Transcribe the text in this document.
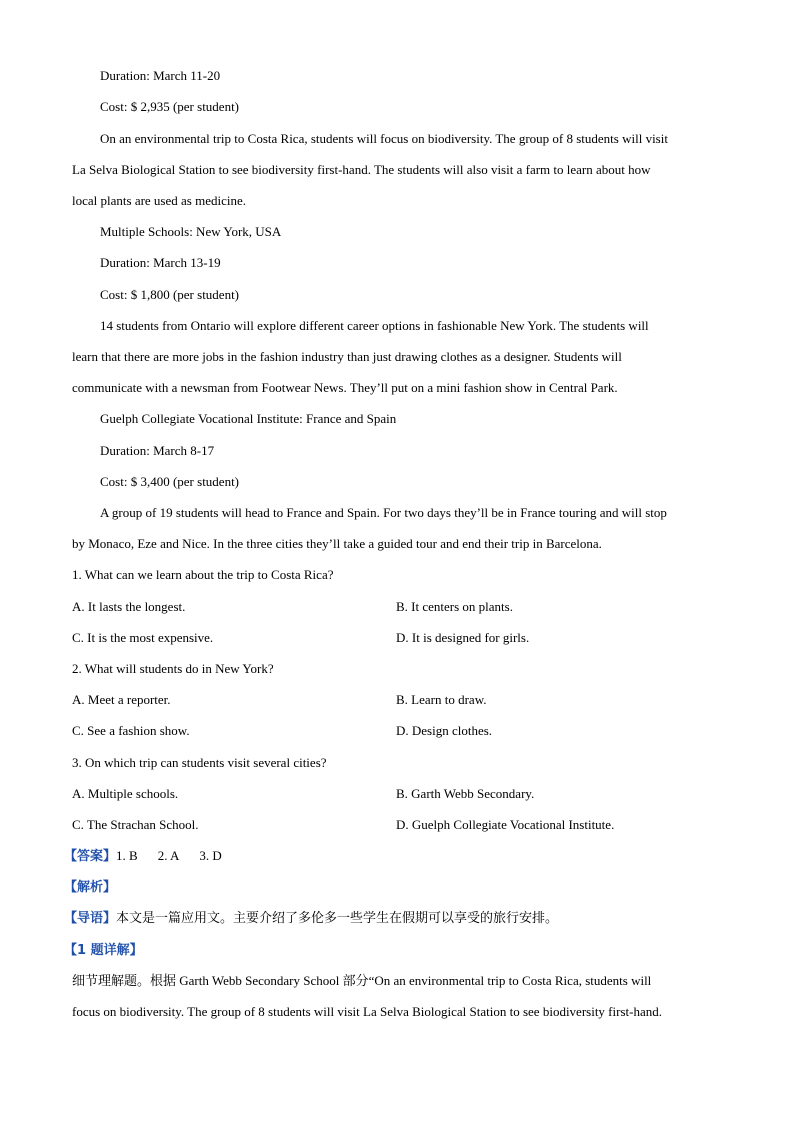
Duration: March 11-20
Cost: $ 2,935 (per student)
On an environmental trip to Costa Rica, students will focus on biodiversity. The group of 8 students will visit
La Selva Biological Station to see biodiversity first-hand. The students will also visit a farm to learn about how
local plants are used as medicine.
Multiple Schools: New York, USA
Duration: March 13-19
Cost: $ 1,800 (per student)
14 students from Ontario will explore different career options in fashionable New York. The students will
learn that there are more jobs in the fashion industry than just drawing clothes as a designer. Students will
communicate with a newsman from Footwear News. They’ll put on a mini fashion show in Central Park.
Guelph Collegiate Vocational Institute: France and Spain
Duration: March 8-17
Cost: $ 3,400 (per student)
A group of 19 students will head to France and Spain. For two days they’ll be in France touring and will stop
by Monaco, Eze and Nice. In the three cities they’ll take a guided tour and end their trip in Barcelona.
1. What can we learn about the trip to Costa Rica?
A. It lasts the longest.	B. It centers on plants.
C. It is the most expensive.	D. It is designed for girls.
2. What will students do in New York?
A. Meet a reporter.	B. Learn to draw.
C. See a fashion show.	D. Design clothes.
3. On which trip can students visit several cities?
A. Multiple schools.	B. Garth Webb Secondary.
C. The Strachan School.	D. Guelph Collegiate Vocational Institute.
【答案】1. B 2. A 3. D
【解析】
【导语】本文是一篇应用文。主要介绍了多伦多一些学生在假期可以享受的旅行安排。
【1 题详解】
细节理解题。根据 Garth Webb Secondary School 部分“On an environmental trip to Costa Rica, students will
focus on biodiversity. The group of 8 students will visit La Selva Biological Station to see biodiversity first-hand.
